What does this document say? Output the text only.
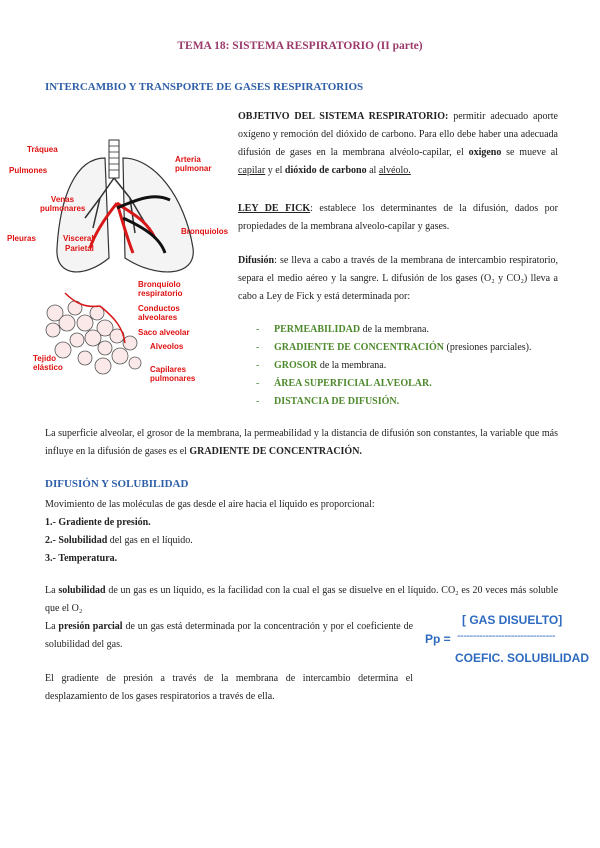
TEMA 18: SISTEMA RESPIRATORIO (II parte)
INTERCAMBIO Y TRANSPORTE DE GASES RESPIRATORIOS
Tráquea
Pulmones
Arteria pulmonar
Venas pulmonares
Pleuras	Visceral
Parietal
Bronquiolos
Bronquíolo respiratorio
Conductos alveolares
Saco alveolar
Alveolos
Tejido elástico	Capilares pulmonares
OBJETIVO DEL SISTEMA RESPIRATORIO: permitir adecuado aporte oxígeno y remoción del dióxido de carbono. Para ello debe haber una adecuada difusión de gases en la membrana alvéolo-capilar, el oxigeno se mueve al capilar y el dióxido de carbono al alvéolo.
LEY DE FICK: establece los determinantes de la difusión, dados por propiedades de la membrana alveolo-capilar y gases.
Difusión: se lleva a cabo a través de la membrana de intercambio respiratorio, separa el medio aéreo y la sangre. L difusión de los gases (O₂ y CO₂) lleva a cabo a Ley de Fick y está determinada por:
- PERMEABILIDAD de la membrana.
- GRADIENTE DE CONCENTRACIÓN (presiones parciales).
- GROSOR de la membrana.
- ÁREA SUPERFICIAL ALVEOLAR.
- DISTANCIA DE DIFUSIÓN.
La superficie alveolar, el grosor de la membrana, la permeabilidad y la distancia de difusión son constantes, la variable que más influye en la difusión de gases es el GRADIENTE DE CONCENTRACIÓN.
DIFUSIÓN Y SOLUBILIDAD
Movimiento de las moléculas de gas desde el aire hacia el líquido es proporcional:
1.- Gradiente de presión.
2.- Solubilidad del gas en el líquido.
3.- Temperatura.
La solubilidad de un gas es un líquido, es la facilidad con la cual el gas se disuelve en el líquido. CO₂ es 20 veces más soluble que el O₂
La presión parcial de un gas está determinada por la concentración y por el coeficiente de solubilidad del gas.
[ GAS DISUELTO]
Pp = -------------------------------
COEFIC. SOLUBILIDAD
El gradiente de presión a través de la membrana de intercambio determina el desplazamiento de los gases respiratorios a través de ella.
